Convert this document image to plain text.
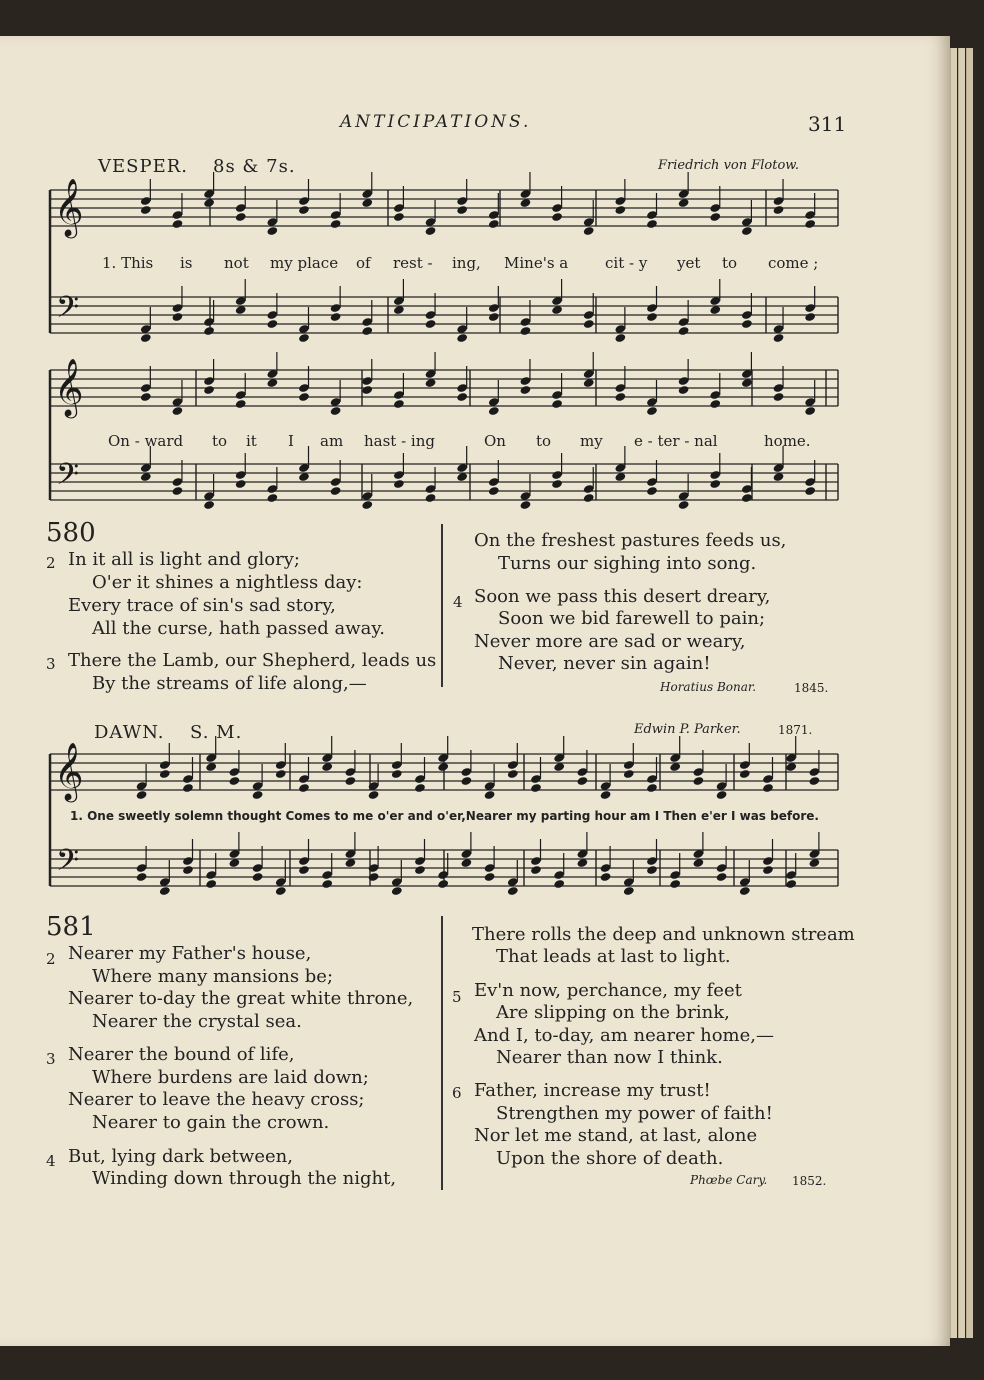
𝄞
𝄢
𝄞
𝄢
𝄞
𝄢
ANTICIPATIONS.	311
VESPER. 8s & 7s.	Friedrich von Flotow.
1. This is not my place of rest - ing, Mine's a cit - y yet to come ;
On - ward to it I am hast - ing	On to my e - ter - nal	home.
580
2 In it all is light and glory;
O'er it shines a nightless day:
Every trace of sin's sad story,
All the curse, hath passed away.
3 There the Lamb, our Shepherd, leads us
By the streams of life along,—
On the freshest pastures feeds us,
Turns our sighing into song.
4 Soon we pass this desert dreary,
Soon we bid farewell to pain;
Never more are sad or weary,
Never, never sin again!
Horatius Bonar.	1845.
DAWN. S. M.	Edwin P. Parker.	1871.
1. One sweetly solemn thought Comes to me o'er and o'er,Nearer my parting hour am I Then e'er I was before.
581
2 Nearer my Father's house,
Where many mansions be;
Nearer to-day the great white throne,
Nearer the crystal sea.
3 Nearer the bound of life,
Where burdens are laid down;
Nearer to leave the heavy cross;
Nearer to gain the crown.
4 But, lying dark between,
Winding down through the night,
There rolls the deep and unknown stream
That leads at last to light.
5 Ev'n now, perchance, my feet
Are slipping on the brink,
And I, to-day, am nearer home,—
Nearer than now I think.
6 Father, increase my trust!
Strengthen my power of faith!
Nor let me stand, at last, alone
Upon the shore of death.
Phœbe Cary. 1852.
